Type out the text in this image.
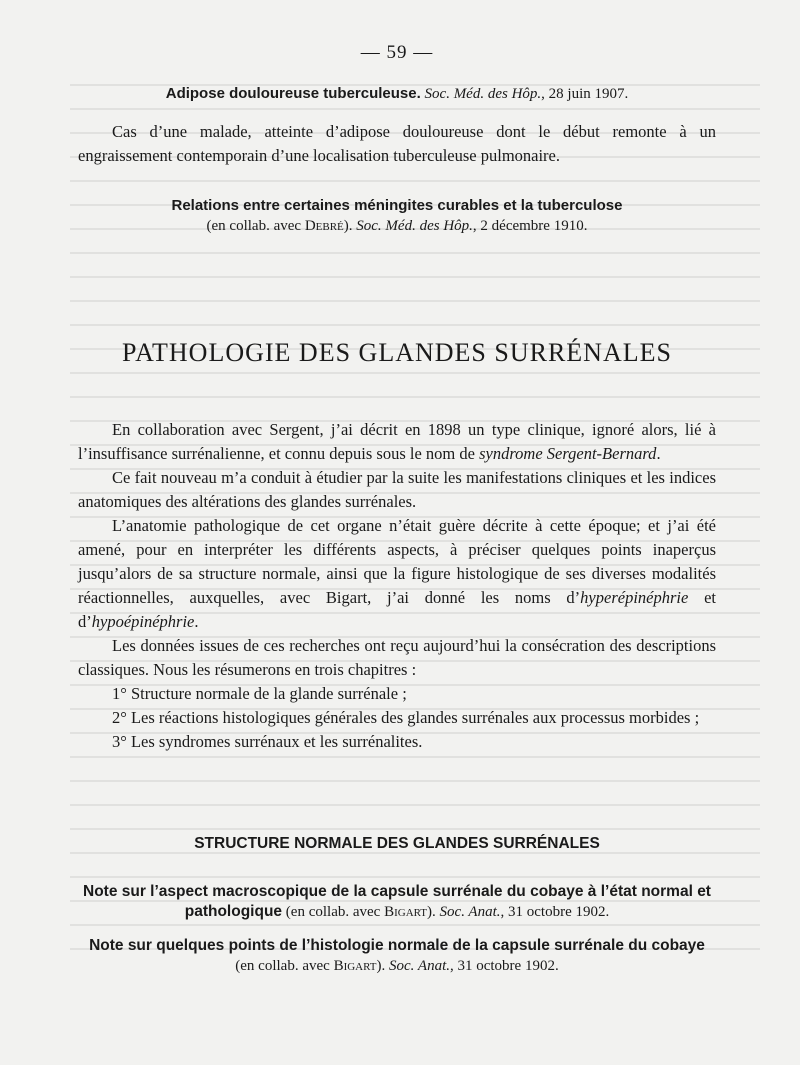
— 59 —
Adipose douloureuse tuberculeuse. Soc. Méd. des Hôp., 28 juin 1907.

Cas d’une malade, atteinte d’adipose douloureuse dont le début remonte à un engraissement contemporain d’une localisation tuberculeuse pulmonaire.

Relations entre certaines méningites curables et la tuberculose
(en collab. avec Debré). Soc. Méd. des Hôp., 2 décembre 1910.
PATHOLOGIE DES GLANDES SURRÉNALES

En collaboration avec Sergent, j’ai décrit en 1898 un type clinique, ignoré alors, lié à l’insuffisance surrénalienne, et connu depuis sous le nom de syndrome Sergent-Bernard.

Ce fait nouveau m’a conduit à étudier par la suite les manifestations cliniques et les indices anatomiques des altérations des glandes surrénales.

L’anatomie pathologique de cet organe n’était guère décrite à cette époque; et j’ai été amené, pour en interpréter les différents aspects, à préciser quelques points inaperçus jusqu’alors de sa structure normale, ainsi que la figure histologique de ses diverses modalités réactionnelles, auxquelles, avec Bigart, j’ai donné les noms d’hyperépinéphrie et d’hypoépinéphrie.

Les données issues de ces recherches ont reçu aujourd’hui la consécration des descriptions classiques. Nous les résumerons en trois chapitres :

1° Structure normale de la glande surrénale ;

2° Les réactions histologiques générales des glandes surrénales aux processus morbides ;

3° Les syndromes surrénaux et les surrénalites.

STRUCTURE NORMALE DES GLANDES SURRÉNALES
Note sur l’aspect macroscopique de la capsule surrénale du cobaye à l’état normal et pathologique (en collab. avec Bigart). Soc. Anat., 31 octobre 1902.
Note sur quelques points de l’histologie normale de la capsule surrénale du cobaye (en collab. avec Bigart). Soc. Anat., 31 octobre 1902.
